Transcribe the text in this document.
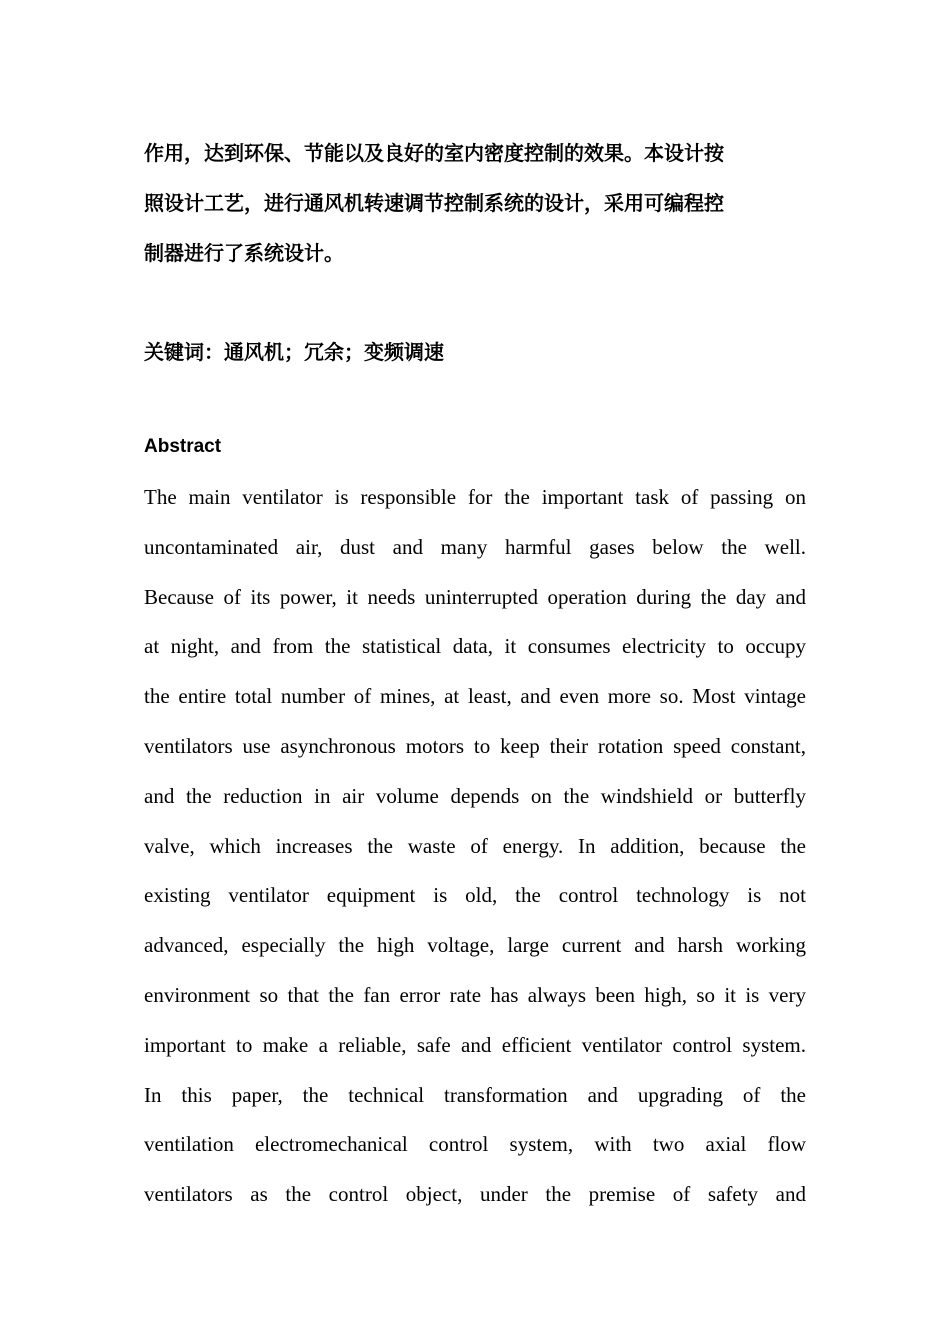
作用，达到环保、节能以及良好的室内密度控制的效果。本设计按
照设计工艺，进行通风机转速调节控制系统的设计，采用可编程控
制器进行了系统设计。
关键词：通风机；冗余；变频调速
Abstract
The main ventilator is responsible for the important task of passing on
uncontaminated air, dust and many harmful gases below the well.
Because of its power, it needs uninterrupted operation during the day and
at night, and from the statistical data, it consumes electricity to occupy
the entire total number of mines, at least, and even more so. Most vintage
ventilators use asynchronous motors to keep their rotation speed constant,
and the reduction in air volume depends on the windshield or butterfly
valve, which increases the waste of energy. In addition, because the
existing ventilator equipment is old, the control technology is not
advanced, especially the high voltage, large current and harsh working
environment so that the fan error rate has always been high, so it is very
important to make a reliable, safe and efficient ventilator control system.
In this paper, the technical transformation and upgrading of the
ventilation electromechanical control system, with two axial flow
ventilators as the control object, under the premise of safety and
